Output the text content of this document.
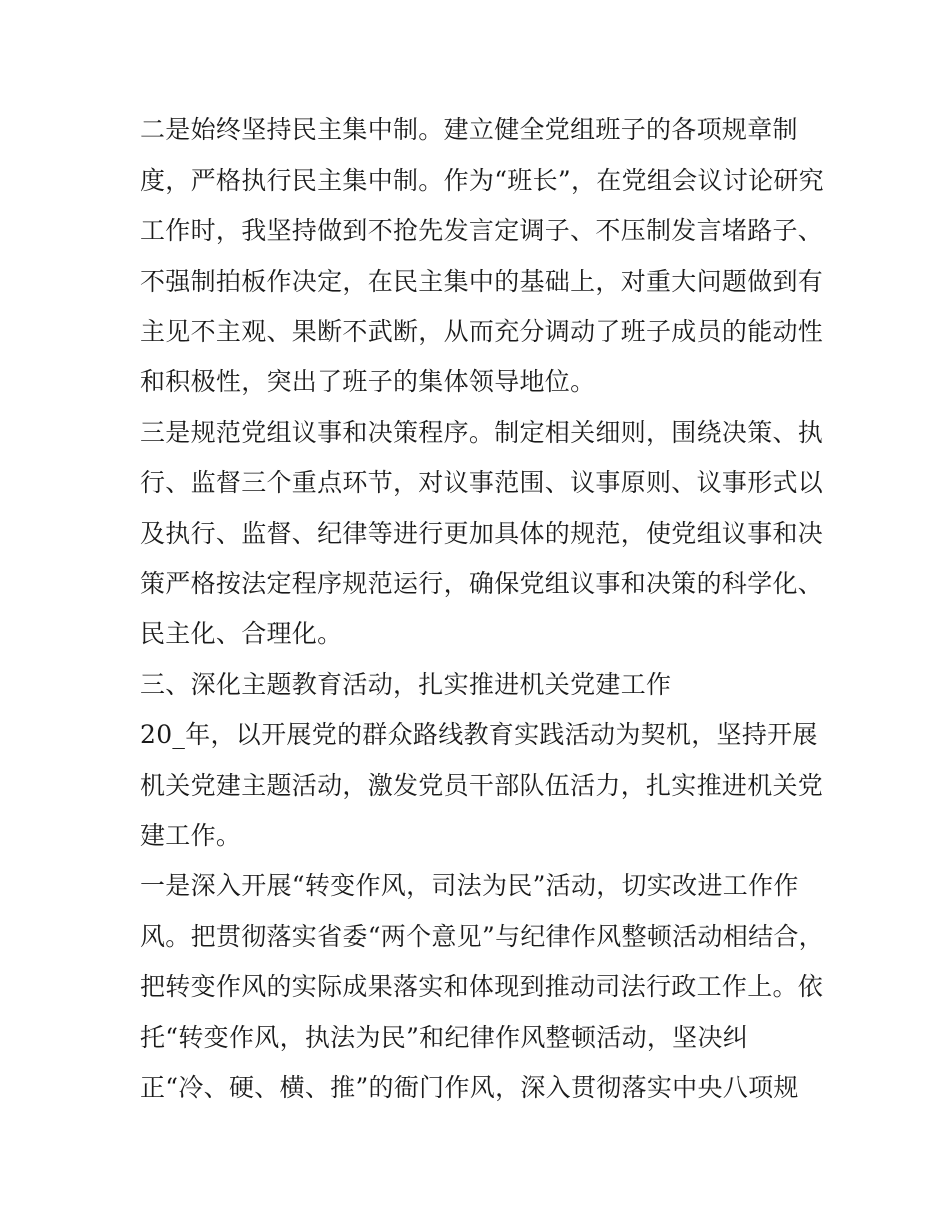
二是始终坚持民主集中制。建立健全党组班子的各项规章制
度，严格执行民主集中制。作为“班长”，在党组会议讨论研究
工作时，我坚持做到不抢先发言定调子、不压制发言堵路子、
不强制拍板作决定，在民主集中的基础上，对重大问题做到有
主见不主观、果断不武断，从而充分调动了班子成员的能动性
和积极性，突出了班子的集体领导地位。
三是规范党组议事和决策程序。制定相关细则，围绕决策、执
行、监督三个重点环节，对议事范围、议事原则、议事形式以
及执行、监督、纪律等进行更加具体的规范，使党组议事和决
策严格按法定程序规范运行，确保党组议事和决策的科学化、
民主化、合理化。
三、深化主题教育活动，扎实推进机关党建工作
20_年，以开展党的群众路线教育实践活动为契机，坚持开展
机关党建主题活动，激发党员干部队伍活力，扎实推进机关党
建工作。
一是深入开展“转变作风，司法为民”活动，切实改进工作作
风。把贯彻落实省委“两个意见”与纪律作风整顿活动相结合，
把转变作风的实际成果落实和体现到推动司法行政工作上。依
托“转变作风，执法为民”和纪律作风整顿活动，坚决纠
正“冷、硬、横、推”的衙门作风，深入贯彻落实中央八项规
